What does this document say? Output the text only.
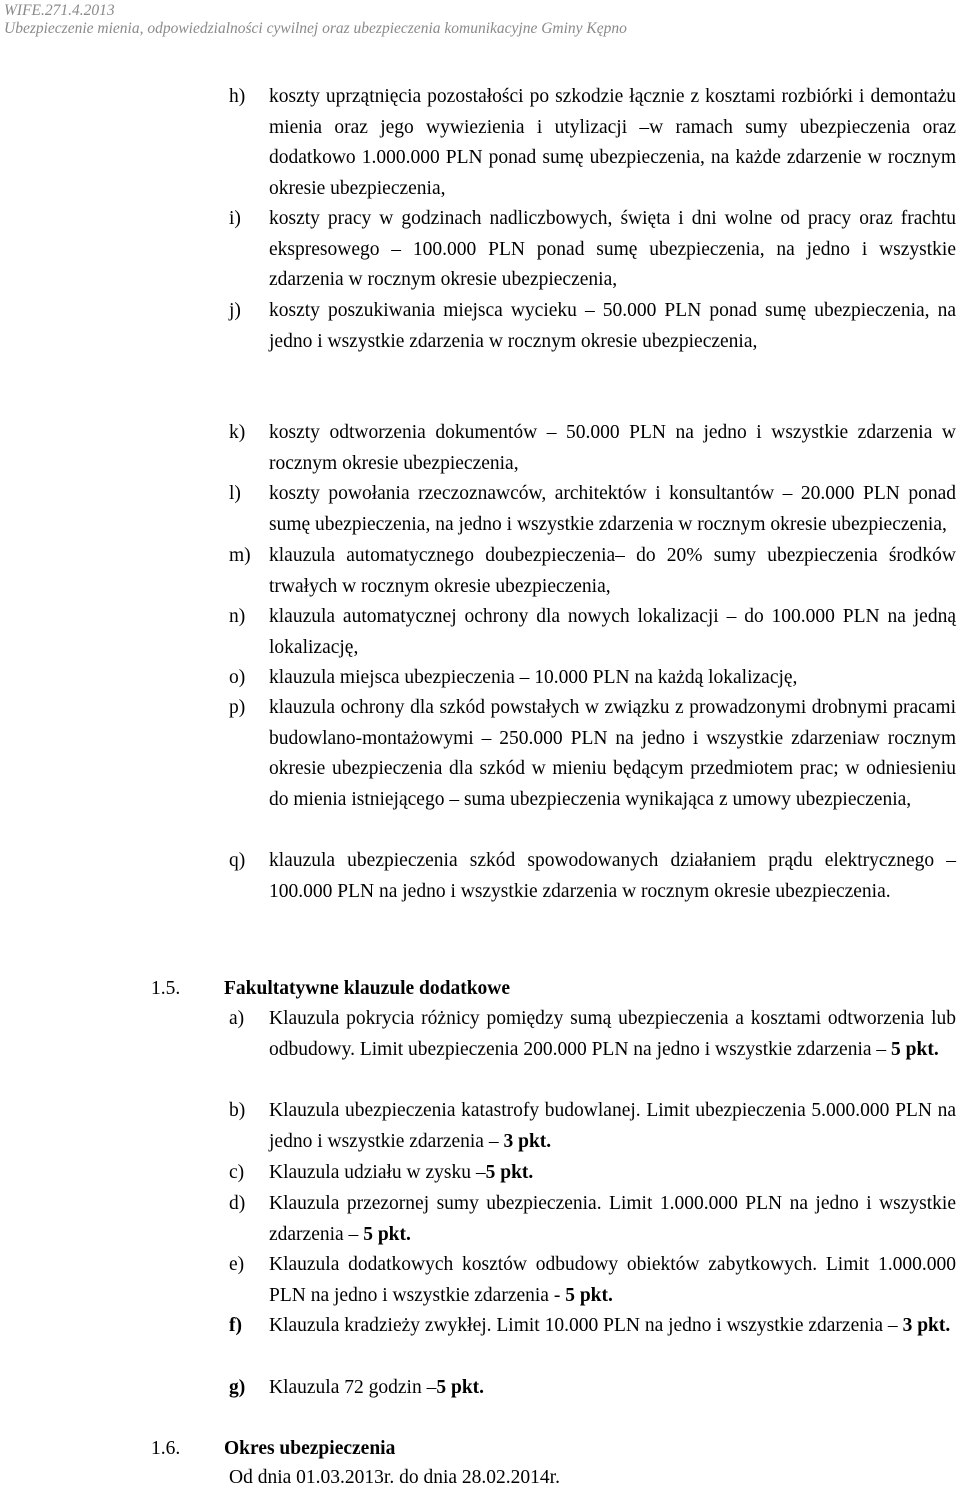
WIFE.271.4.2013
Ubezpieczenie mienia, odpowiedzialności cywilnej oraz ubezpieczenia komunikacyjne Gminy Kępno
h) koszty uprzątnięcia pozostałości po szkodzie łącznie z kosztami rozbiórki i demontażu mienia oraz jego wywiezienia i utylizacji –w ramach sumy ubezpieczenia oraz dodatkowo 1.000.000 PLN ponad sumę ubezpieczenia, na każde zdarzenie w rocznym okresie ubezpieczenia,
i) koszty pracy w godzinach nadliczbowych, święta i dni wolne od pracy oraz frachtu ekspresowego – 100.000 PLN ponad sumę ubezpieczenia, na jedno i wszystkie zdarzenia w rocznym okresie ubezpieczenia,
j) koszty poszukiwania miejsca wycieku – 50.000 PLN ponad sumę ubezpieczenia, na jedno i wszystkie zdarzenia w rocznym okresie ubezpieczenia,
k) koszty odtworzenia dokumentów – 50.000 PLN na jedno i wszystkie zdarzenia w rocznym okresie ubezpieczenia,
l) koszty powołania rzeczoznawców, architektów i konsultantów – 20.000 PLN ponad sumę ubezpieczenia, na jedno i wszystkie zdarzenia w rocznym okresie ubezpieczenia,
m) klauzula automatycznego doubezpieczenia– do 20% sumy ubezpieczenia środków trwałych w rocznym okresie ubezpieczenia,
n) klauzula automatycznej ochrony dla nowych lokalizacji – do 100.000 PLN na jedną lokalizację,
o) klauzula miejsca ubezpieczenia – 10.000 PLN na każdą lokalizację,
p) klauzula ochrony dla szkód powstałych w związku z prowadzonymi drobnymi pracami budowlano-montażowymi – 250.000 PLN na jedno i wszystkie zdarzeniaw rocznym okresie ubezpieczenia dla szkód w mieniu będącym przedmiotem prac; w odniesieniu do mienia istniejącego – suma ubezpieczenia wynikająca z umowy ubezpieczenia,
q) klauzula ubezpieczenia szkód spowodowanych działaniem prądu elektrycznego – 100.000 PLN na jedno i wszystkie zdarzenia w rocznym okresie ubezpieczenia.
1.5. Fakultatywne klauzule dodatkowe
a) Klauzula pokrycia różnicy pomiędzy sumą ubezpieczenia a kosztami odtworzenia lub odbudowy. Limit ubezpieczenia 200.000 PLN na jedno i wszystkie zdarzenia – 5 pkt.
b) Klauzula ubezpieczenia katastrofy budowlanej. Limit ubezpieczenia 5.000.000 PLN na jedno i wszystkie zdarzenia – 3 pkt.
c) Klauzula udziału w zysku –5 pkt.
d) Klauzula przezornej sumy ubezpieczenia. Limit 1.000.000 PLN na jedno i wszystkie zdarzenia – 5 pkt.
e) Klauzula dodatkowych kosztów odbudowy obiektów zabytkowych. Limit 1.000.000 PLN na jedno i wszystkie zdarzenia - 5 pkt.
f) Klauzula kradzieży zwykłej. Limit 10.000 PLN na jedno i wszystkie zdarzenia – 3 pkt.
g) Klauzula 72 godzin –5 pkt.
1.6. Okres ubezpieczenia
Od dnia 01.03.2013r. do dnia 28.02.2014r.
